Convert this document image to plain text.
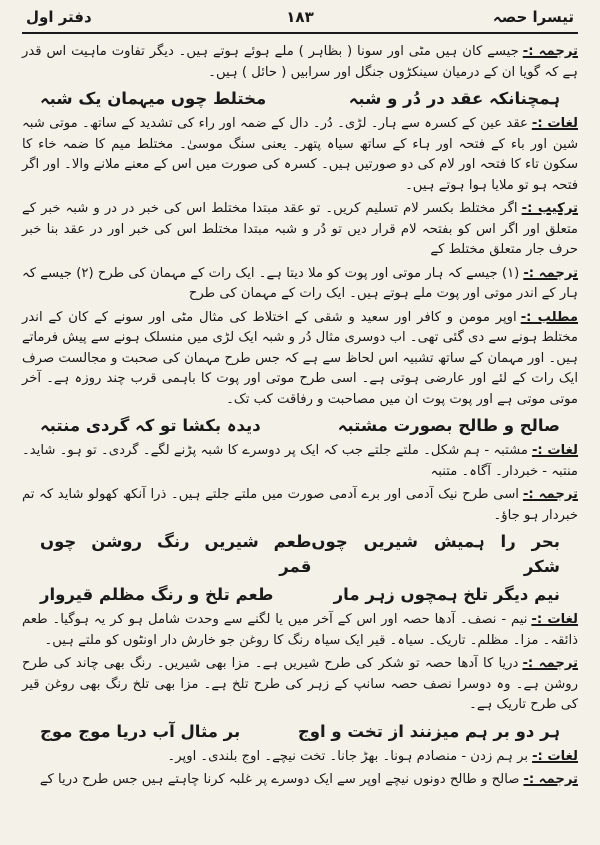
دفتر اول	۱۸۳	تیسرا حصہ

ترجمہ :-جیسے کان ہیں مٹی اور سونا ( بظاہر ) ملے ہوئے ہوتے ہیں۔ دیگر تفاوت ماہیت اس قدر ہے کہ گویا ان کے درمیان سینکڑوں جنگل اور سرابیں ( حائل ) ہیں۔

ہمچنانکہ عقد در دُر و شبہ
مختلط چوں میہمان یک شبہ

لغات :-عقد عین کے کسرہ سے ہار۔ لڑی۔ دُر۔ دال کے ضمہ اور راء کی تشدید کے ساتھ۔ موتی شبہ شین اور باء کے فتحہ اور ہاء کے ساتھ سیاہ پتھر۔ یعنی سنگ موسیٰ۔ مختلط میم کا ضمہ خاء کا سکون تاء کا فتحہ اور لام کی دو صورتیں ہیں۔ کسرہ کی صورت میں اس کے معنے ملانے والا۔ اور اگر فتحہ ہو تو ملایا ہوا ہوتے ہیں۔

ترکیب :-اگر مختلط بکسر لام تسلیم کریں۔ تو عقد مبتدا مختلط اس کی خبر در در و شبہ خبر کے متعلق اور اگر اس کو بفتحہ لام قرار دیں تو دُر و شبہ مبتدا مختلط اس کی خبر اور در عقد بنا خبر حرف جار متعلق مختلط کے

ترجمہ :-(۱) جیسے کہ ہار موتی اور پوت کو ملا دیتا ہے۔ ایک رات کے مہمان کی طرح (۲) جیسے کہ ہار کے اندر موتی اور پوت ملے ہوتے ہیں۔ ایک رات کے مہمان کی طرح

مطلب :-اوپر مومن و کافر اور سعید و شقی کے اختلاط کی مثال مٹی اور سونے کے کان کے اندر مختلط ہونے سے دی گئی تھی۔ اب دوسری مثال دُر و شبہ ایک لڑی میں منسلک ہونے سے پیش فرماتے ہیں۔ اور مہمان کے ساتھ تشبیہ اس لحاظ سے ہے کہ جس طرح مہمان کی صحبت و مجالست صرف ایک رات کے لئے اور عارضی ہوتی ہے۔ اسی طرح موتی اور پوت کا باہمی قرب چند روزہ ہے۔ آخر موتی موتی ہے اور پوت پوت ان میں مصاحبت و رفاقت کب تک۔

صالح و طالح بصورت مشتبہ
دیدہ بکشا تو کہ گردی منتبہ

لغات :-مشتبہ - ہم شکل۔ ملتے جلتے جب کہ ایک پر دوسرے کا شبہ پڑنے لگے۔ گردی۔ تو ہو۔ شاید۔ منتبہ - خبردار۔ آگاہ۔ متنبہ

ترجمہ :-اسی طرح نیک آدمی اور برے آدمی صورت میں ملتے جلتے ہیں۔ ذرا آنکھ کھولو شاید کہ تم خبردار ہو جاؤ۔

بحر را ہمیش شیریں چوں شکر
طعم شیریں رنگ روشن چوں قمر
نیم دیگر تلخ ہمچوں زہر مار
طعم تلخ و رنگ مظلم قیروار

لغات :-نیم - نصف۔ آدھا حصہ اور اس کے آخر میں یا لگنے سے وحدت شامل ہو کر یہ ہوگیا۔ طعم ذائقہ۔ مزا۔ مظلم۔ تاریک۔ سیاہ۔ قیر ایک سیاہ رنگ کا روغن جو خارش دار اونٹوں کو ملتے ہیں۔

ترجمہ :-دریا کا آدھا حصہ تو شکر کی طرح شیریں ہے۔ مزا بھی شیریں۔ رنگ بھی چاند کی طرح روشن ہے۔ وہ دوسرا نصف حصہ سانپ کے زہر کی طرح تلخ ہے۔ مزا بھی تلخ رنگ بھی روغن قیر کی طرح تاریک ہے۔

ہر دو بر ہم میزنند از تخت و اوج
بر مثال آب دریا موج موج

لغات :-بر ہم زدن - منصادم ہونا۔ بھڑ جانا۔ تخت نیچے۔ اوج بلندی۔ اوپر۔

ترجمہ :-صالح و طالح دونوں نیچے اوپر سے ایک دوسرے پر غلبہ کرنا چاہتے ہیں جس طرح دریا کے
